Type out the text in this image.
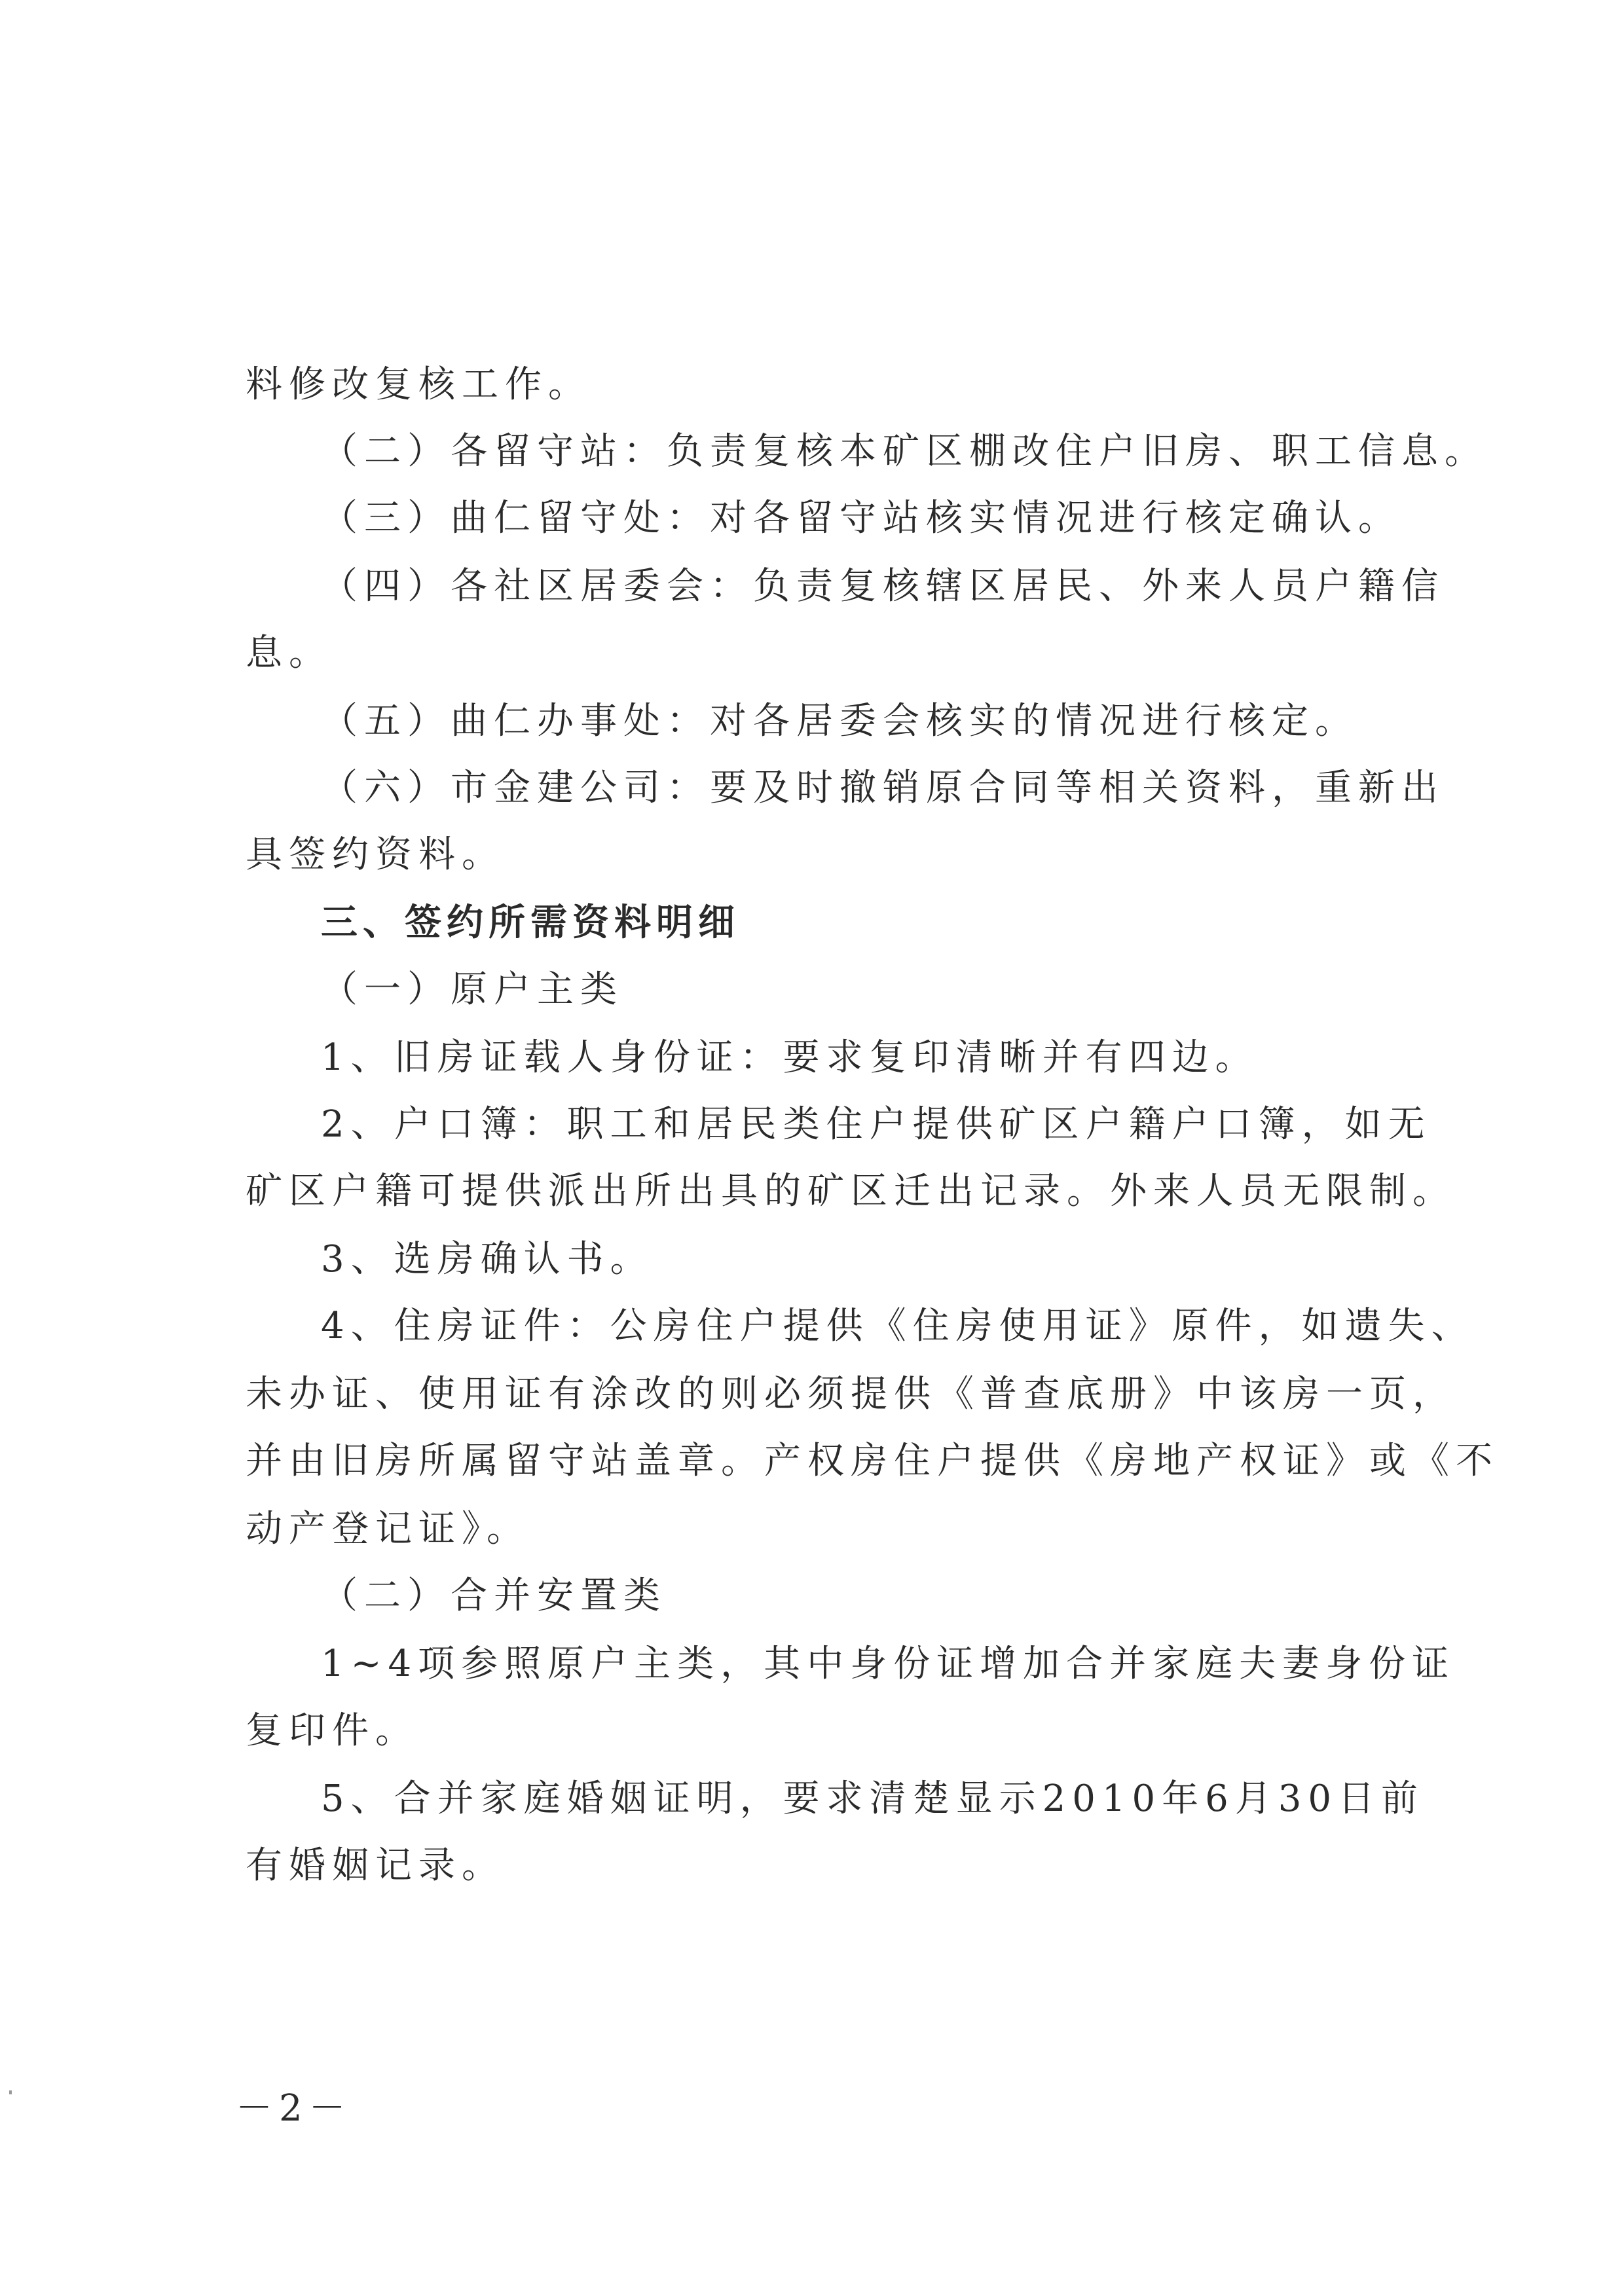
料修改复核工作。
（二）各留守站：负责复核本矿区棚改住户旧房、职工信息。
（三）曲仁留守处：对各留守站核实情况进行核定确认。
（四）各社区居委会：负责复核辖区居民、外来人员户籍信
息。
（五）曲仁办事处：对各居委会核实的情况进行核定。
（六）市金建公司：要及时撤销原合同等相关资料，重新出
具签约资料。
三、签约所需资料明细
（一）原户主类
1、旧房证载人身份证：要求复印清晰并有四边。
2、户口簿：职工和居民类住户提供矿区户籍户口簿，如无
矿区户籍可提供派出所出具的矿区迁出记录。外来人员无限制。
3、选房确认书。
4、住房证件：公房住户提供《住房使用证》原件，如遗失、
未办证、使用证有涂改的则必须提供《普查底册》中该房一页，
并由旧房所属留守站盖章。产权房住户提供《房地产权证》或《不
动产登记证》。
（二）合并安置类
1~4项参照原户主类，其中身份证增加合并家庭夫妻身份证
复印件。
5、合并家庭婚姻证明，要求清楚显示2010年6月30日前
有婚姻记录。
－2－
